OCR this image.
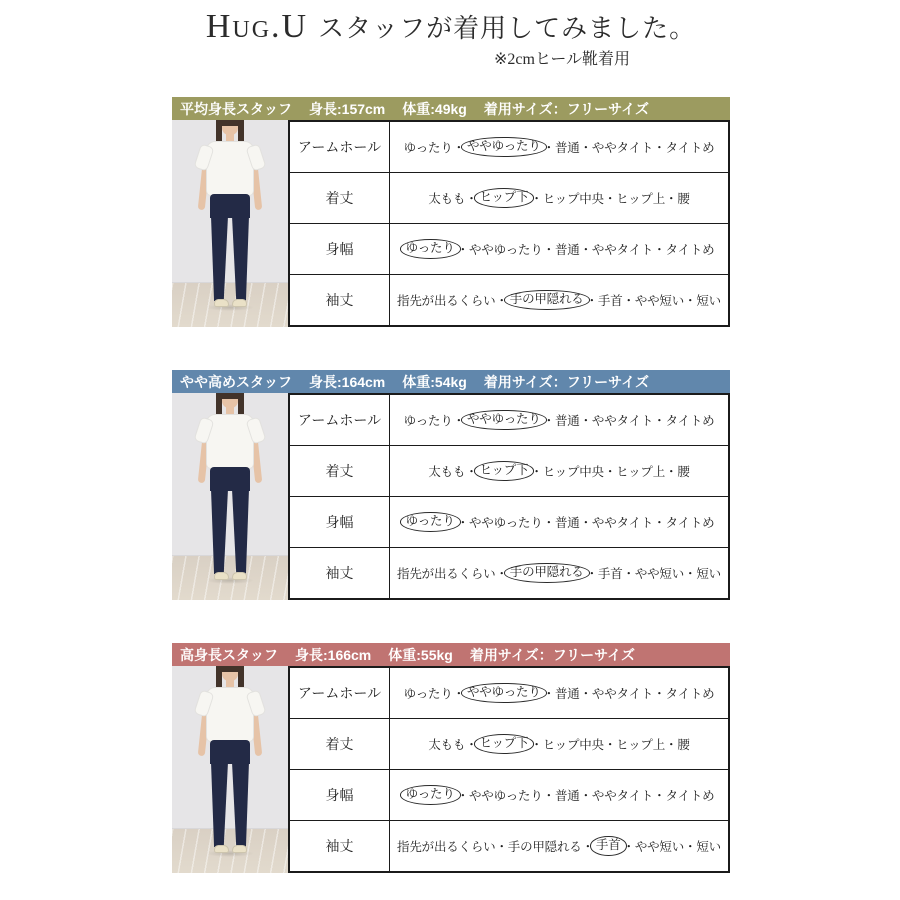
Hug.U スタッフが着用してみました。
※2cmヒール靴着用
平均身長スタッフ 身長:157cm 体重:49kg 着用サイズ：フリーサイズ
アームホール	ゆったり ・ ややゆったり ・ 普通 ・ ややタイト ・ タイトめ
着丈	太もも ・ ヒップ下 ・ ヒップ中央 ・ ヒップ上 ・ 腰
身幅	ゆったり ・ ややゆったり ・ 普通 ・ ややタイト ・ タイトめ
袖丈	指先が出るくらい ・ 手の甲隠れる ・ 手首 ・ やや短い ・ 短い
やや高めスタッフ 身長:164cm 体重:54kg 着用サイズ：フリーサイズ
アームホール	ゆったり ・ ややゆったり ・ 普通 ・ ややタイト ・ タイトめ
着丈	太もも ・ ヒップ下 ・ ヒップ中央 ・ ヒップ上 ・ 腰
身幅	ゆったり ・ ややゆったり ・ 普通 ・ ややタイト ・ タイトめ
袖丈	指先が出るくらい ・ 手の甲隠れる ・ 手首 ・ やや短い ・ 短い
高身長スタッフ 身長:166cm 体重:55kg 着用サイズ：フリーサイズ
アームホール	ゆったり ・ ややゆったり ・ 普通 ・ ややタイト ・ タイトめ
着丈	太もも ・ ヒップ下 ・ ヒップ中央 ・ ヒップ上 ・ 腰
身幅	ゆったり ・ ややゆったり ・ 普通 ・ ややタイト ・ タイトめ
袖丈	指先が出るくらい ・ 手の甲隠れる ・ 手首 ・ やや短い ・ 短い
